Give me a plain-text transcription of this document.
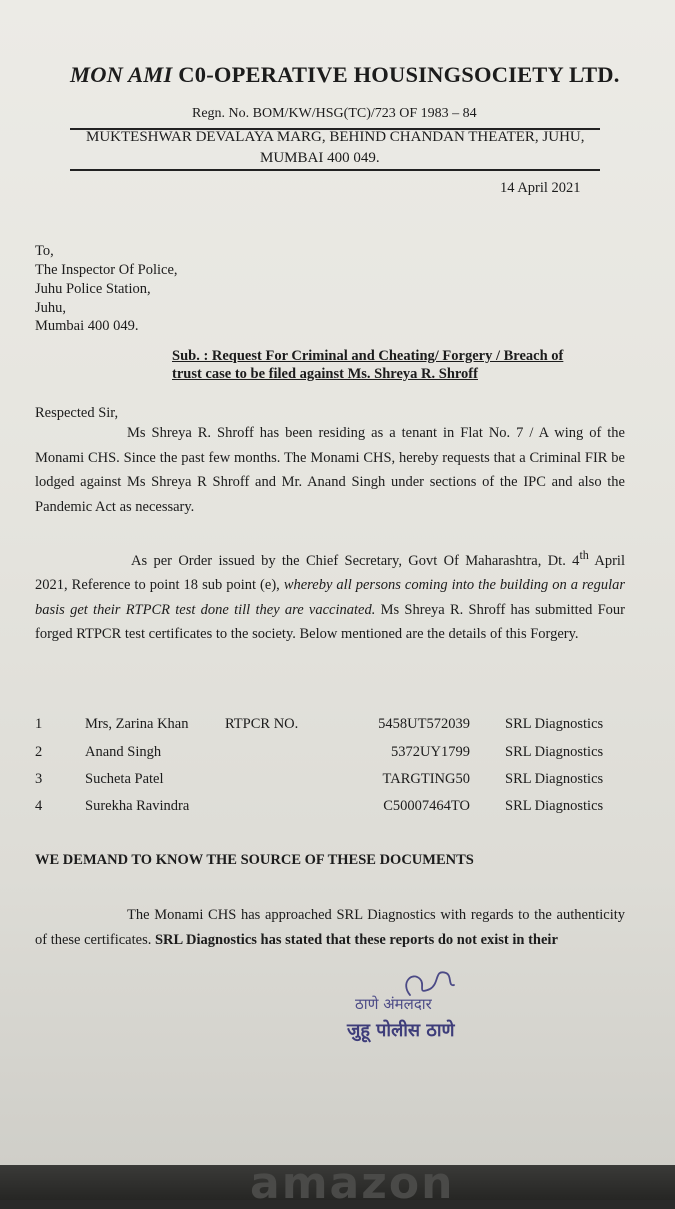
MON AMI C0-OPERATIVE HOUSINGSOCIETY LTD.
Regn. No. BOM/KW/HSG(TC)/723 OF 1983 – 84
MUKTESHWAR DEVALAYA MARG, BEHIND CHANDAN THEATER, JUHU,
MUMBAI 400 049.
14 April 2021
To,
The Inspector Of Police,
Juhu Police Station,
Juhu,
Mumbai 400 049.
Sub. : Request For Criminal and Cheating/ Forgery / Breach of
trust case to be filed against Ms. Shreya R. Shroff
Respected Sir,
Ms Shreya R. Shroff has been residing as a tenant in Flat No. 7 / A wing of the Monami CHS. Since the past few months. The Monami CHS, hereby requests that a Criminal FIR be lodged against Ms Shreya R Shroff and Mr. Anand Singh under sections of the IPC and also the Pandemic Act as necessary.
As per Order issued by the Chief Secretary, Govt Of Maharashtra, Dt. 4th April 2021, Reference to point 18 sub point (e), whereby all persons coming into the building on a regular basis get their RTPCR test done till they are vaccinated. Ms Shreya R. Shroff has submitted Four forged RTPCR test certificates to the society. Below mentioned are the details of this Forgery.
1	Mrs, Zarina Khan	RTPCR NO.	5458UT572039 SRL Diagnostics
2	Anand Singh	5372UY1799 SRL Diagnostics
3	Sucheta Patel	TARGTING50 SRL Diagnostics
4	Surekha Ravindra	C50007464TO SRL Diagnostics
WE DEMAND TO KNOW THE SOURCE OF THESE DOCUMENTS
The Monami CHS has approached SRL Diagnostics with regards to the authenticity of these certificates. SRL Diagnostics has stated that these reports do not exist in their
ठाणे अंमलदार
जुहू पोलीस ठाणे
amazon
